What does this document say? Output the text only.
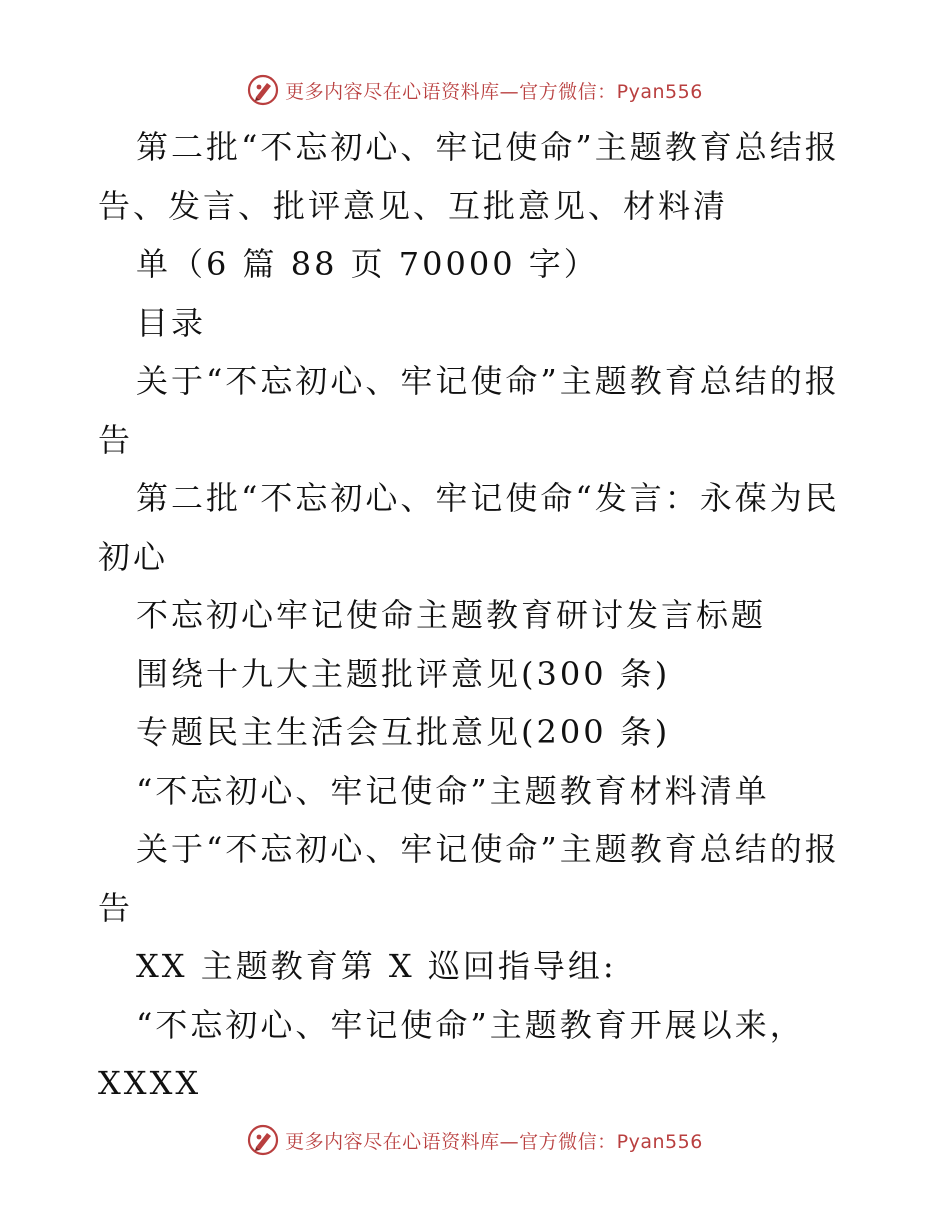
更多内容尽在心语资料库—官方微信：Pyan556
第二批“不忘初心、牢记使命”主题教育总结报
告、发言、批评意见、互批意见、材料清
单（6 篇 88 页 70000 字）
目录
关于“不忘初心、牢记使命”主题教育总结的报
告
第二批“不忘初心、牢记使命“发言：永葆为民
初心
不忘初心牢记使命主题教育研讨发言标题
围绕十九大主题批评意见(300 条)
专题民主生活会互批意见(200 条)
“不忘初心、牢记使命”主题教育材料清单
关于“不忘初心、牢记使命”主题教育总结的报
告
XX 主题教育第 X 巡回指导组:
“不忘初心、牢记使命”主题教育开展以来，
XXXX
更多内容尽在心语资料库—官方微信：Pyan556
